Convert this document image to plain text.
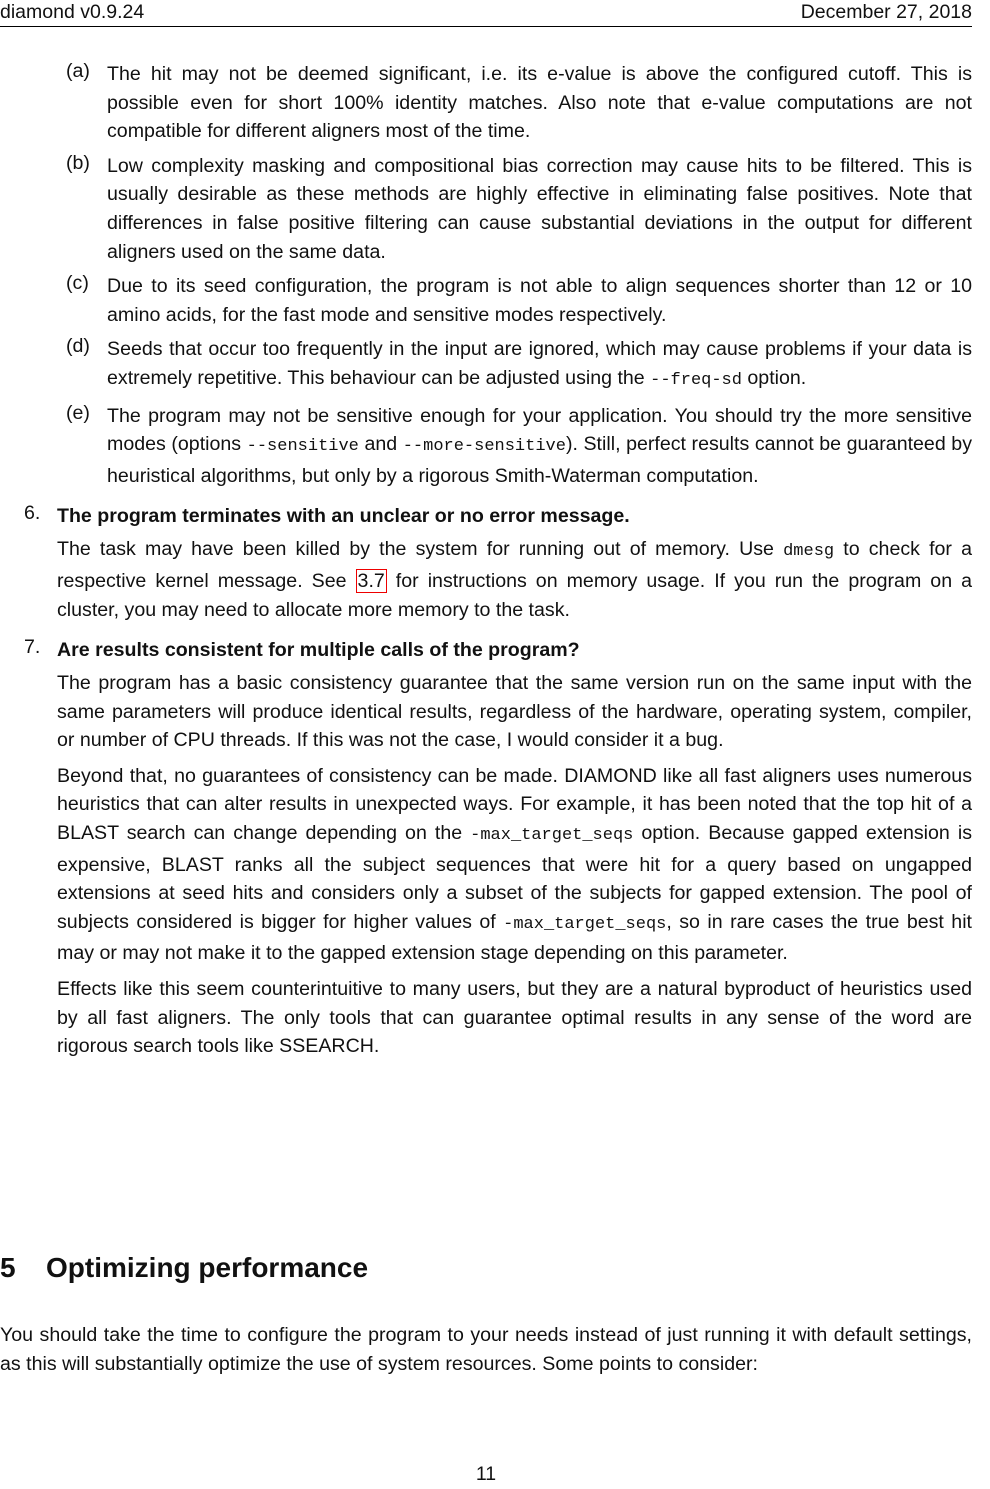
diamond v0.9.24	December 27, 2018
(a) The hit may not be deemed significant, i.e. its e-value is above the configured cutoff. This is possible even for short 100% identity matches. Also note that e-value computations are not compatible for different aligners most of the time.

(b) Low complexity masking and compositional bias correction may cause hits to be filtered. This is usually desirable as these methods are highly effective in eliminating false positives. Note that differences in false positive filtering can cause substantial deviations in the output for different aligners used on the same data.

(c) Due to its seed configuration, the program is not able to align sequences shorter than 12 or 10 amino acids, for the fast mode and sensitive modes respectively.

(d) Seeds that occur too frequently in the input are ignored, which may cause problems if your data is extremely repetitive. This behaviour can be adjusted using the --freq-sd option.

(e) The program may not be sensitive enough for your application. You should try the more sensitive modes (options --sensitive and --more-sensitive). Still, perfect results cannot be guaranteed by heuristical algorithms, but only by a rigorous Smith-Waterman computation.

6. The program terminates with an unclear or no error message.

The task may have been killed by the system for running out of memory. Use dmesg to check for a respective kernel message. See 3.7 for instructions on memory usage. If you run the program on a cluster, you may need to allocate more memory to the task.

7. Are results consistent for multiple calls of the program?

The program has a basic consistency guarantee that the same version run on the same input with the same parameters will produce identical results, regardless of the hardware, operating system, compiler, or number of CPU threads. If this was not the case, I would consider it a bug.

Beyond that, no guarantees of consistency can be made. DIAMOND like all fast aligners uses numerous heuristics that can alter results in unexpected ways. For example, it has been noted that the top hit of a BLAST search can change depending on the -max_target_seqs option. Because gapped extension is expensive, BLAST ranks all the subject sequences that were hit for a query based on ungapped extensions at seed hits and considers only a subset of the subjects for gapped extension. The pool of subjects considered is bigger for higher values of -max_target_seqs, so in rare cases the true best hit may or may not make it to the gapped extension stage depending on this parameter.

Effects like this seem counterintuitive to many users, but they are a natural byproduct of heuristics used by all fast aligners. The only tools that can guarantee optimal results in any sense of the word are rigorous search tools like SSEARCH.

5 Optimizing performance

You should take the time to configure the program to your needs instead of just running it with default settings, as this will substantially optimize the use of system resources. Some points to consider:

11
